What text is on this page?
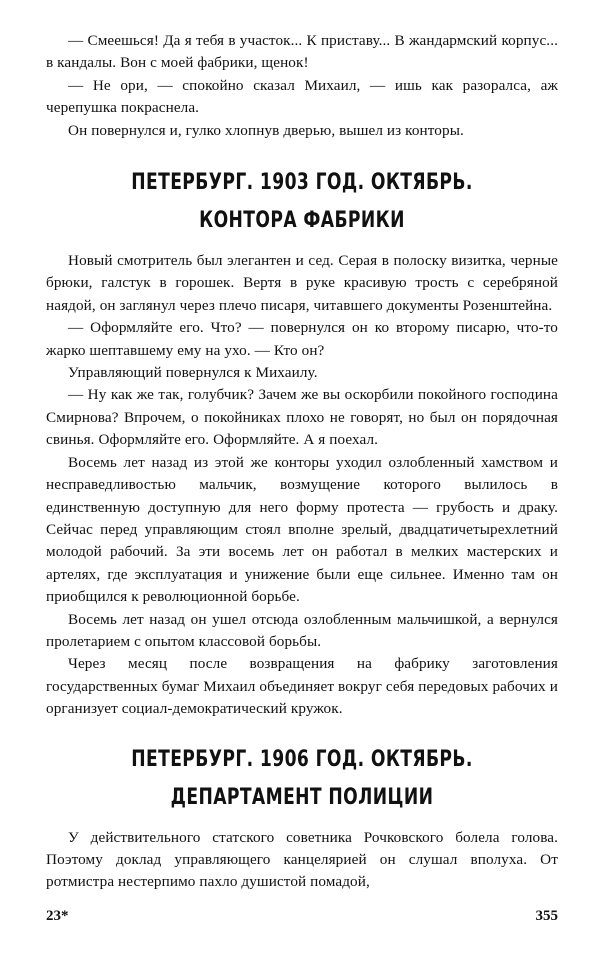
— Смеешься! Да я тебя в участок... К приставу... В жандармский корпус... в кандалы. Вон с моей фабрики, щенок!

— Не ори, — спокойно сказал Михаил, — ишь как разоралса, аж черепушка покраснела.

Он повернулся и, гулко хлопнув дверью, вышел из конторы.

ПЕТЕРБУРГ. 1903 ГОД. ОКТЯБРЬ.

КОНТОРА ФАБРИКИ

Новый смотритель был элегантен и сед. Серая в полоску визитка, черные брюки, галстук в горошек. Вертя в руке красивую трость с серебряной наядой, он заглянул через плечо писаря, читавшего документы Розенштейна.

— Оформляйте его. Что? — повернулся он ко второму писарю, что-то жарко шептавшему ему на ухо. — Кто он?

Управляющий повернулся к Михаилу.

— Ну как же так, голубчик? Зачем же вы оскорбили покойного господина Смирнова? Впрочем, о покойниках плохо не говорят, но был он порядочная свинья. Оформляйте его. Оформляйте. А я поехал.

Восемь лет назад из этой же конторы уходил озлобленный хамством и несправедливостью мальчик, возмущение которого вылилось в единственную доступную для него форму протеста — грубость и драку. Сейчас перед управляющим стоял вполне зрелый, двадцатичетырехлетний молодой рабочий. За эти восемь лет он работал в мелких мастерских и артелях, где эксплуатация и унижение были еще сильнее. Именно там он приобщился к революционной борьбе.

Восемь лет назад он ушел отсюда озлобленным мальчишкой, а вернулся пролетарием с опытом классовой борьбы.

Через месяц после возвращения на фабрику заготовления государственных бумаг Михаил объединяет вокруг себя передовых рабочих и организует социал-демократический кружок.

ПЕТЕРБУРГ. 1906 ГОД. ОКТЯБРЬ.

ДЕПАРТАМЕНТ ПОЛИЦИИ

У действительного статского советника Рочковского болела голова. Поэтому доклад управляющего канцелярией он слушал вполуха. От ротмистра нестерпимо пахло душистой помадой,

23*	355
